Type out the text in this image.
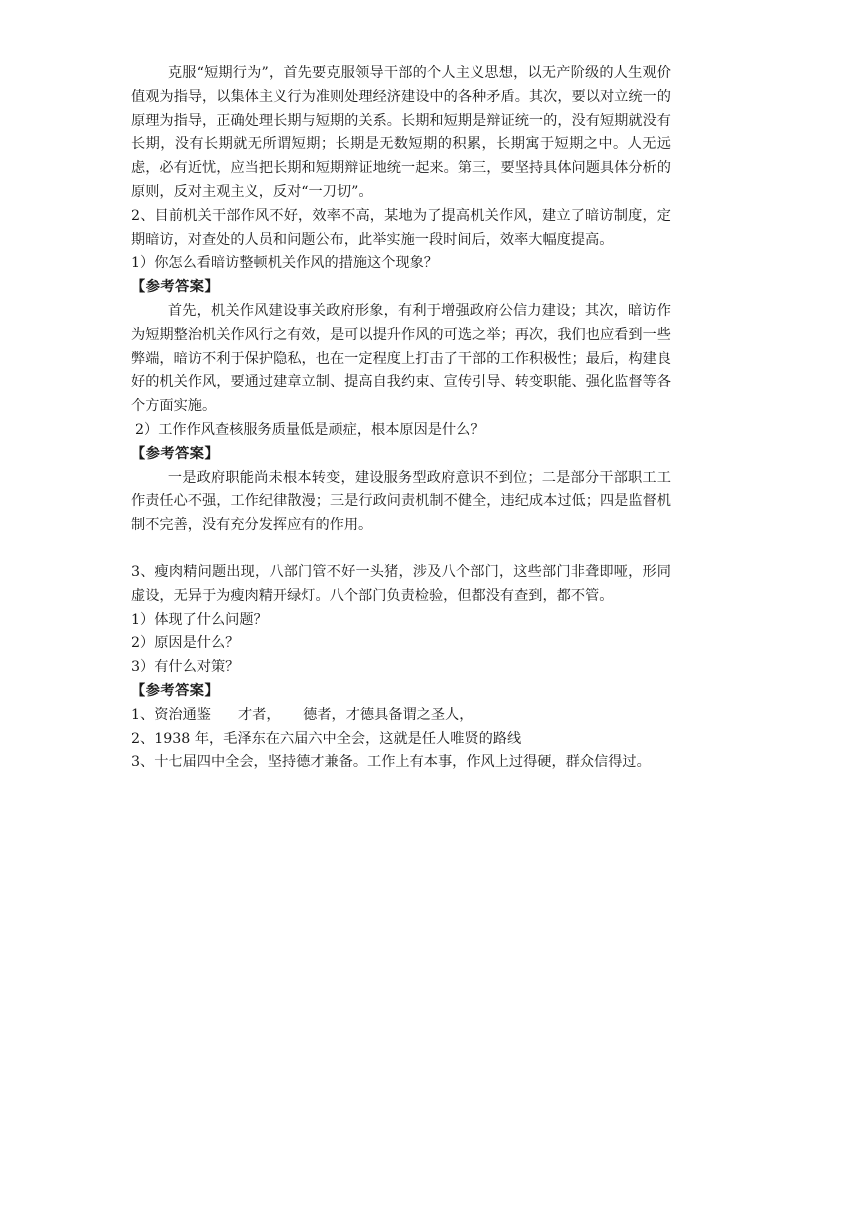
克服“短期行为”，首先要克服领导干部的个人主义思想，以无产阶级的人生观价值观为指导，以集体主义行为准则处理经济建设中的各种矛盾。其次，要以对立统一的原理为指导，正确处理长期与短期的关系。长期和短期是辩证统一的，没有短期就没有长期，没有长期就无所谓短期；长期是无数短期的积累，长期寓于短期之中。人无远虑，必有近忧，应当把长期和短期辩证地统一起来。第三，要坚持具体问题具体分析的原则，反对主观主义，反对“一刀切”。

2、目前机关干部作风不好，效率不高，某地为了提高机关作风，建立了暗访制度，定期暗访，对查处的人员和问题公布，此举实施一段时间后，效率大幅度提高。

1）你怎么看暗访整顿机关作风的措施这个现象？

【参考答案】

首先，机关作风建设事关政府形象，有利于增强政府公信力建设；其次，暗访作为短期整治机关作风行之有效，是可以提升作风的可选之举；再次，我们也应看到一些弊端，暗访不利于保护隐私，也在一定程度上打击了干部的工作积极性；最后，构建良好的机关作风，要通过建章立制、提高自我约束、宣传引导、转变职能、强化监督等各个方面实施。

2）工作作风查核服务质量低是顽症，根本原因是什么？

【参考答案】

一是政府职能尚未根本转变，建设服务型政府意识不到位；二是部分干部职工工作责任心不强，工作纪律散漫；三是行政问责机制不健全，违纪成本过低；四是监督机制不完善，没有充分发挥应有的作用。

3、瘦肉精问题出现，八部门管不好一头猪，涉及八个部门，这些部门非聋即哑，形同虚设，无异于为瘦肉精开绿灯。八个部门负责检验，但都没有查到，都不管。

1）体现了什么问题？

2）原因是什么？

3）有什么对策？

【参考答案】

1、资治通鉴      才者，     德者，才德具备谓之圣人，

2、1938 年，毛泽东在六届六中全会，这就是任人唯贤的路线

3、十七届四中全会，坚持德才兼备。工作上有本事，作风上过得硬，群众信得过。
